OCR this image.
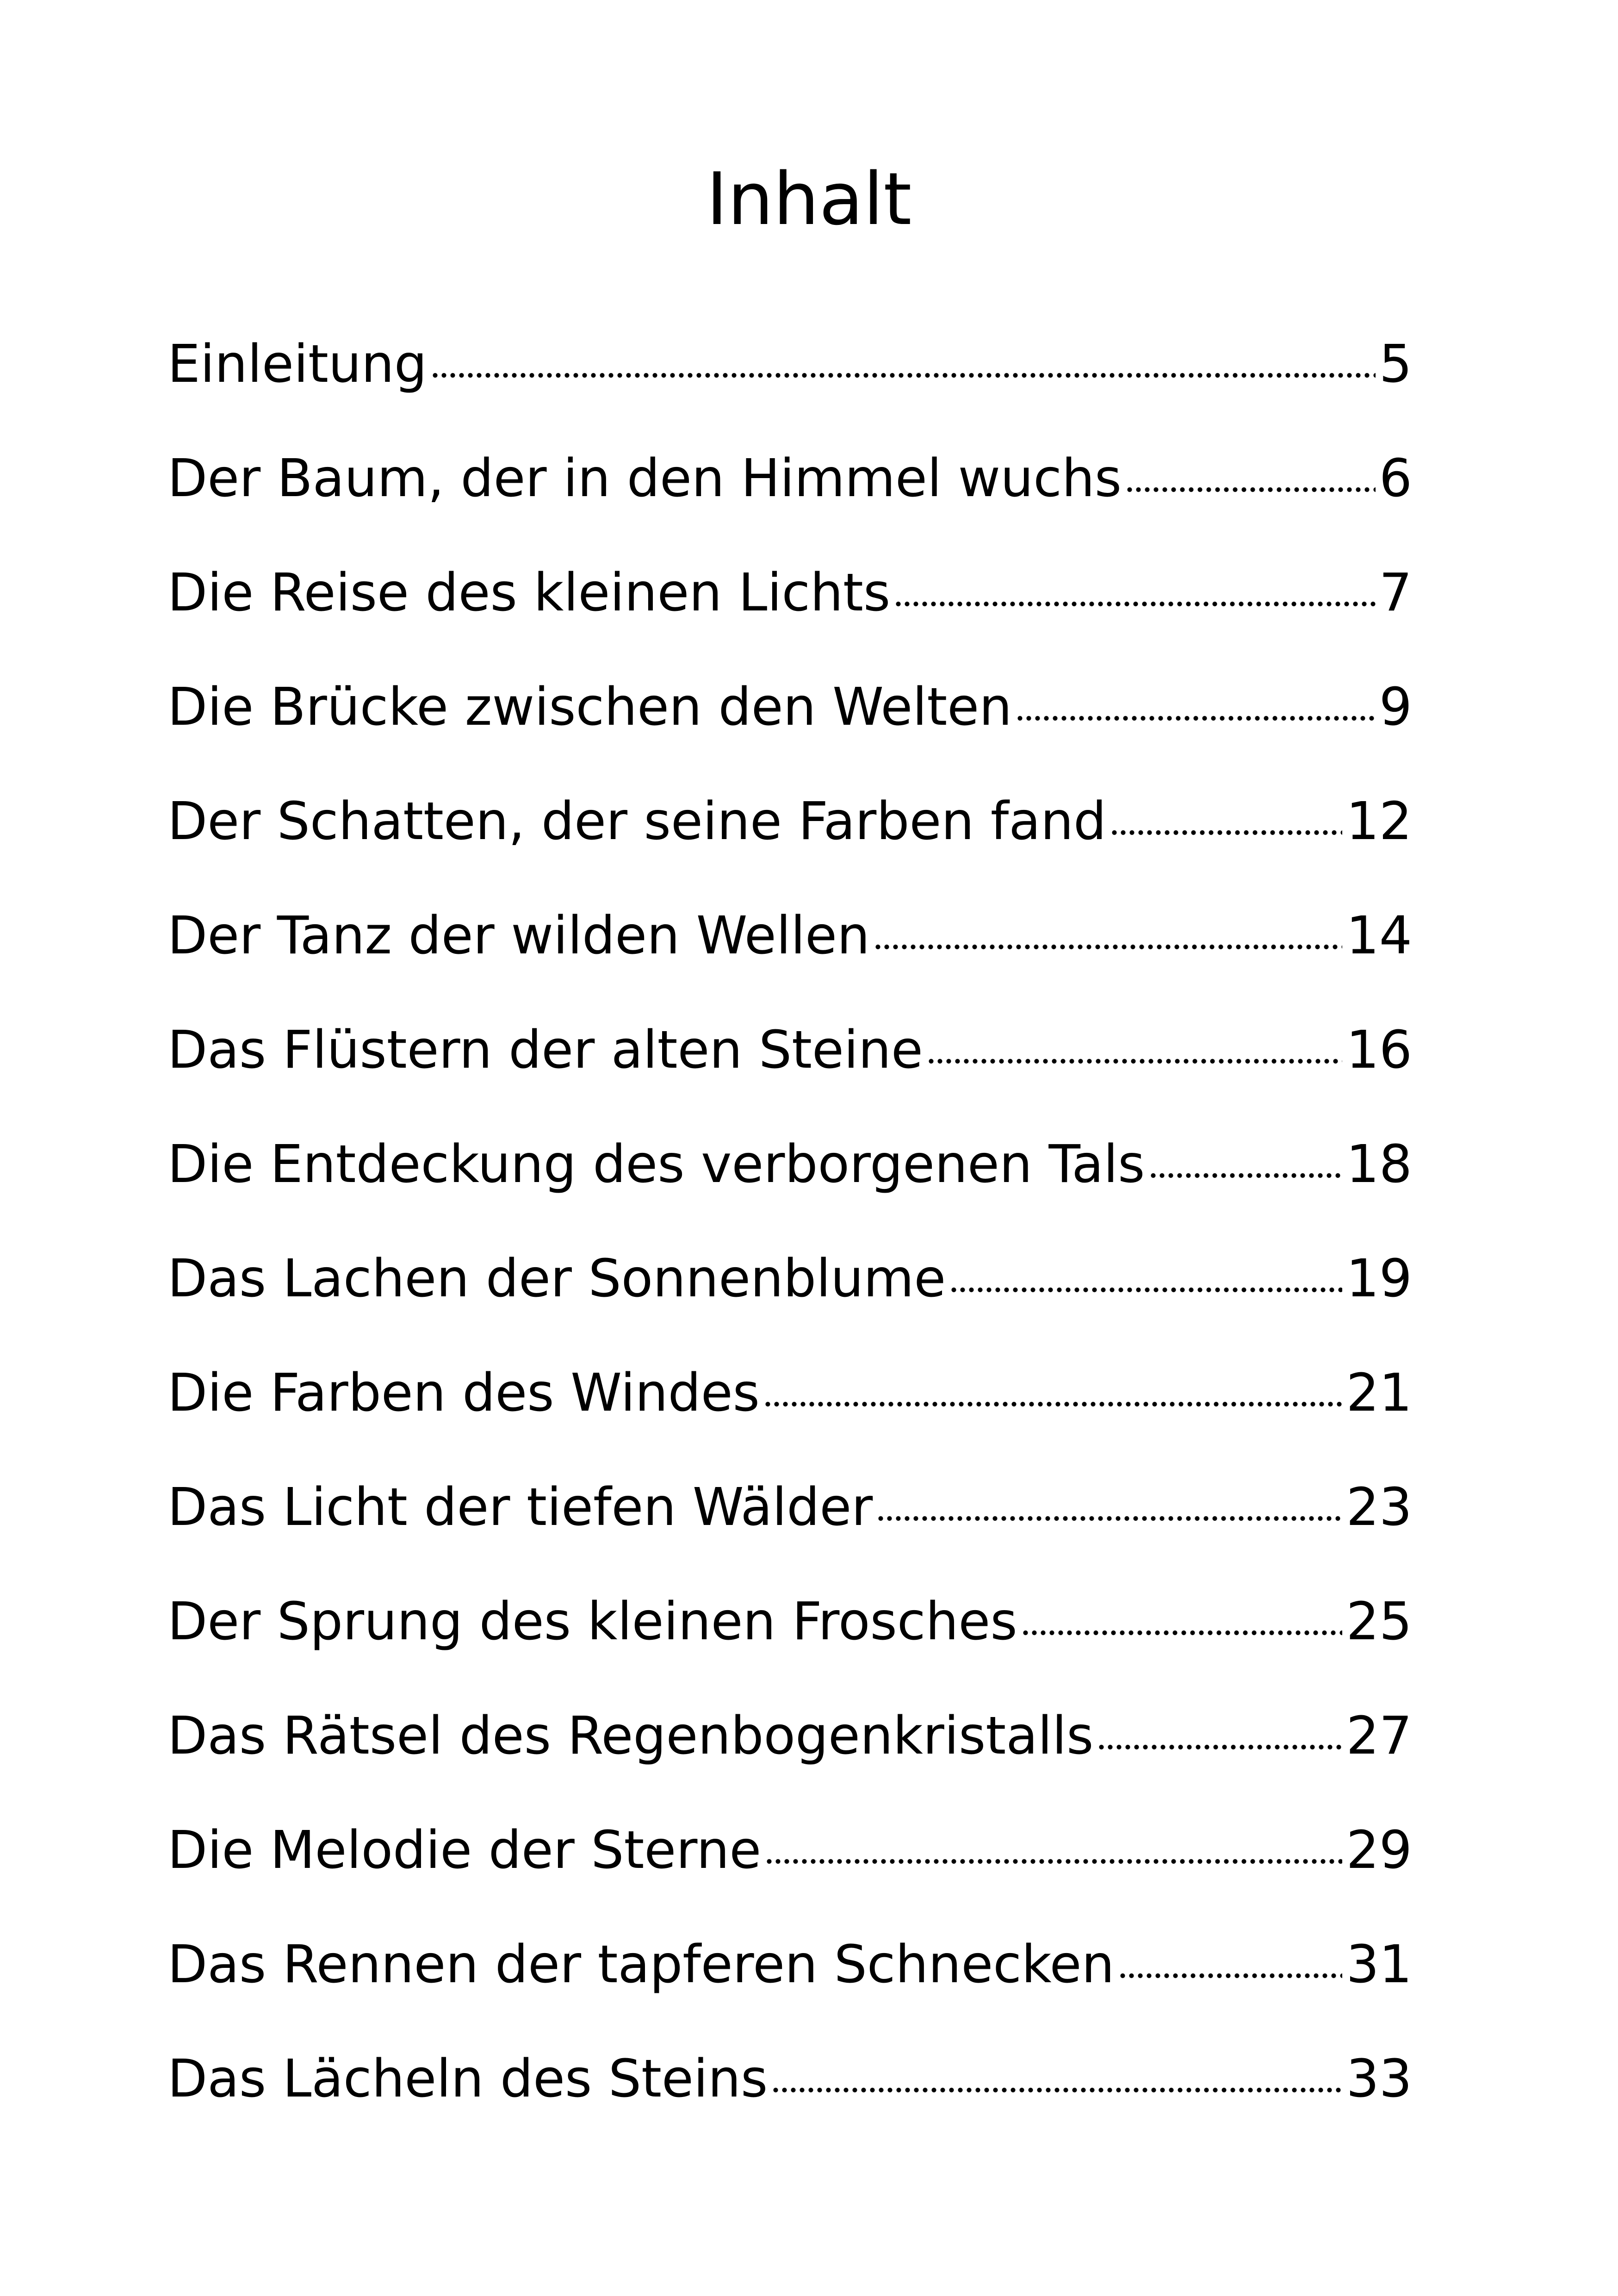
Inhalt
Einleitung	5
Der Baum, der in den Himmel wuchs	6
Die Reise des kleinen Lichts	7
Die Brücke zwischen den Welten	9
Der Schatten, der seine Farben fand	12
Der Tanz der wilden Wellen	14
Das Flüstern der alten Steine	16
Die Entdeckung des verborgenen Tals	18
Das Lachen der Sonnenblume	19
Die Farben des Windes	21
Das Licht der tiefen Wälder	23
Der Sprung des kleinen Frosches	25
Das Rätsel des Regenbogenkristalls	27
Die Melodie der Sterne	29
Das Rennen der tapferen Schnecken	31
Das Lächeln des Steins	33
